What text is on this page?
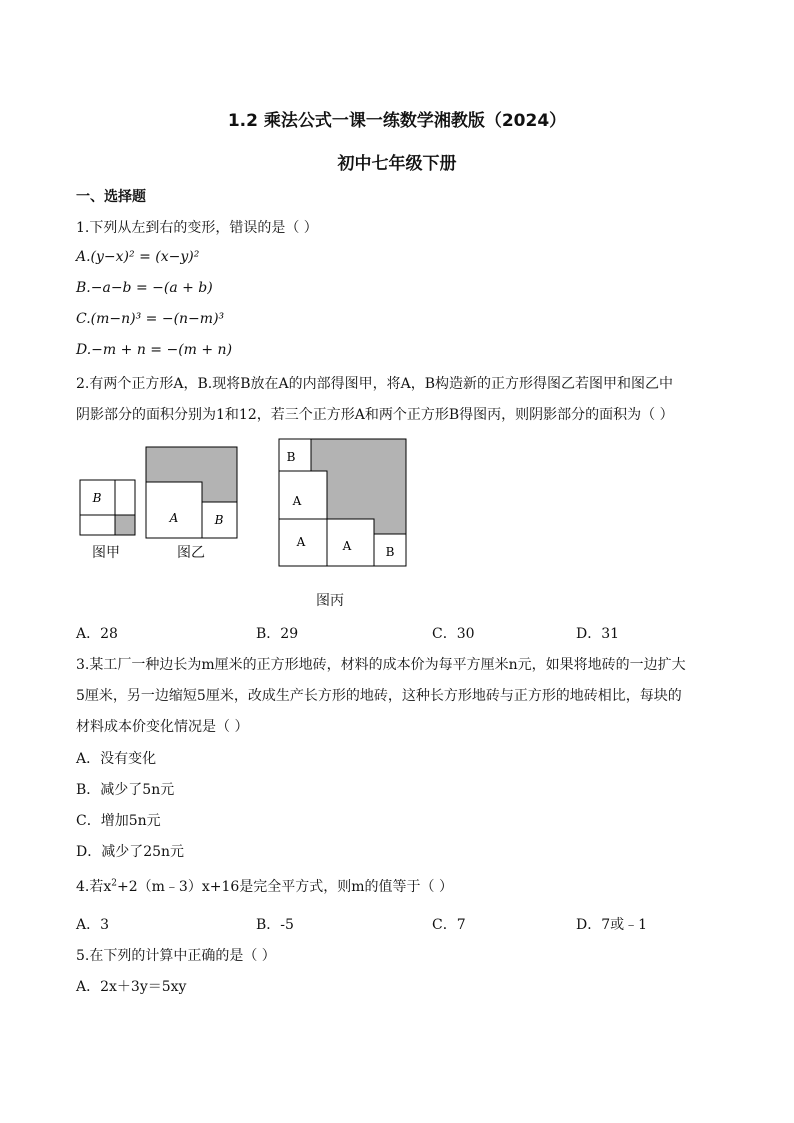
1.2 乘法公式一课一练数学湘教版（2024）
初中七年级下册
一、选择题
1.下列从左到右的变形，错误的是（ ）
A.(y−x)² = (x−y)²
B.−a−b = −(a + b)
C.(m−n)³ = −(n−m)³
D.−m + n = −(m + n)
2.有两个正方形A，B.现将B放在A的内部得图甲，将A，B构造新的正方形得图乙若图甲和图乙中
阴影部分的面积分别为1和12，若三个正方形A和两个正方形B得图丙，则阴影部分的面积为（ ）
B
图甲
A	B
图乙
B
A
A	A	B
图丙
A．28	B．29	C．30	D．31
3.某工厂一种边长为m厘米的正方形地砖，材料的成本价为每平方厘米n元，如果将地砖的一边扩大
5厘米，另一边缩短5厘米，改成生产长方形的地砖，这种长方形地砖与正方形的地砖相比，每块的
材料成本价变化情况是（ ）
A．没有变化
B．减少了5n元
C．增加5n元
D．减少了25n元
4.若$x^2+2(m﹣3)x+16$是完全平方式，则m的值等于（ ）
A．3	B．-5	C．7	D．7或﹣1
5.在下列的计算中正确的是（ ）
A．2x＋3y＝5xy
